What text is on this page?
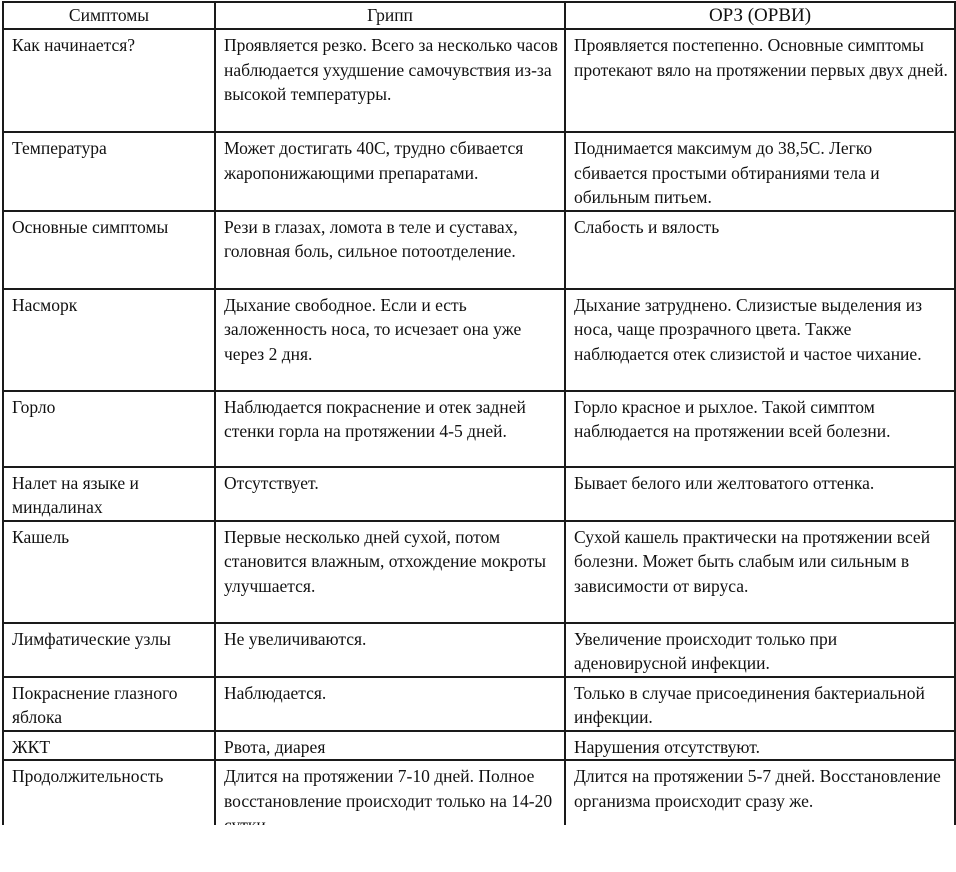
Симптомы	Грипп	ОРЗ (ОРВИ)
Как начинается?	Проявляется резко. Всего за несколько часов наблюдается ухудшение самочувствия из-за высокой температуры.	Проявляется постепенно. Основные симптомы протекают вяло на протяжении первых двух дней.
Температура	Может достигать 40С, трудно сбивается жаропонижающими препаратами.	Поднимается максимум до 38,5С. Легко сбивается простыми обтираниями тела и обильным питьем.
Основные симптомы	Рези в глазах, ломота в теле и суставах, головная боль, сильное потоотделение.	Слабость и вялость
Насморк	Дыхание свободное. Если и есть заложенность носа, то исчезает она уже через 2 дня.	Дыхание затруднено. Слизистые выделения из носа, чаще прозрачного цвета. Также наблюдается отек слизистой и частое чихание.
Горло	Наблюдается покраснение и отек задней стенки горла на протяжении 4-5 дней.	Горло красное и рыхлое. Такой симптом наблюдается на протяжении всей болезни.
Налет на языке и миндалинах	Отсутствует.	Бывает белого или желтоватого оттенка.
Кашель	Первые несколько дней сухой, потом становится влажным, отхождение мокроты улучшается.	Сухой кашель практически на протяжении всей болезни. Может быть слабым или сильным в зависимости от вируса.
Лимфатические узлы	Не увеличиваются.	Увеличение происходит только при аденовирусной инфекции.
Покраснение глазного яблока	Наблюдается.	Только в случае присоединения бактериальной инфекции.
ЖКТ	Рвота, диарея	Нарушения отсутствуют.
Продолжительность	Длится на протяжении 7-10 дней. Полное восстановление происходит только на 14-20	Длится на протяжении 5-7 дней. Восстановление организма происходит сразу же.
